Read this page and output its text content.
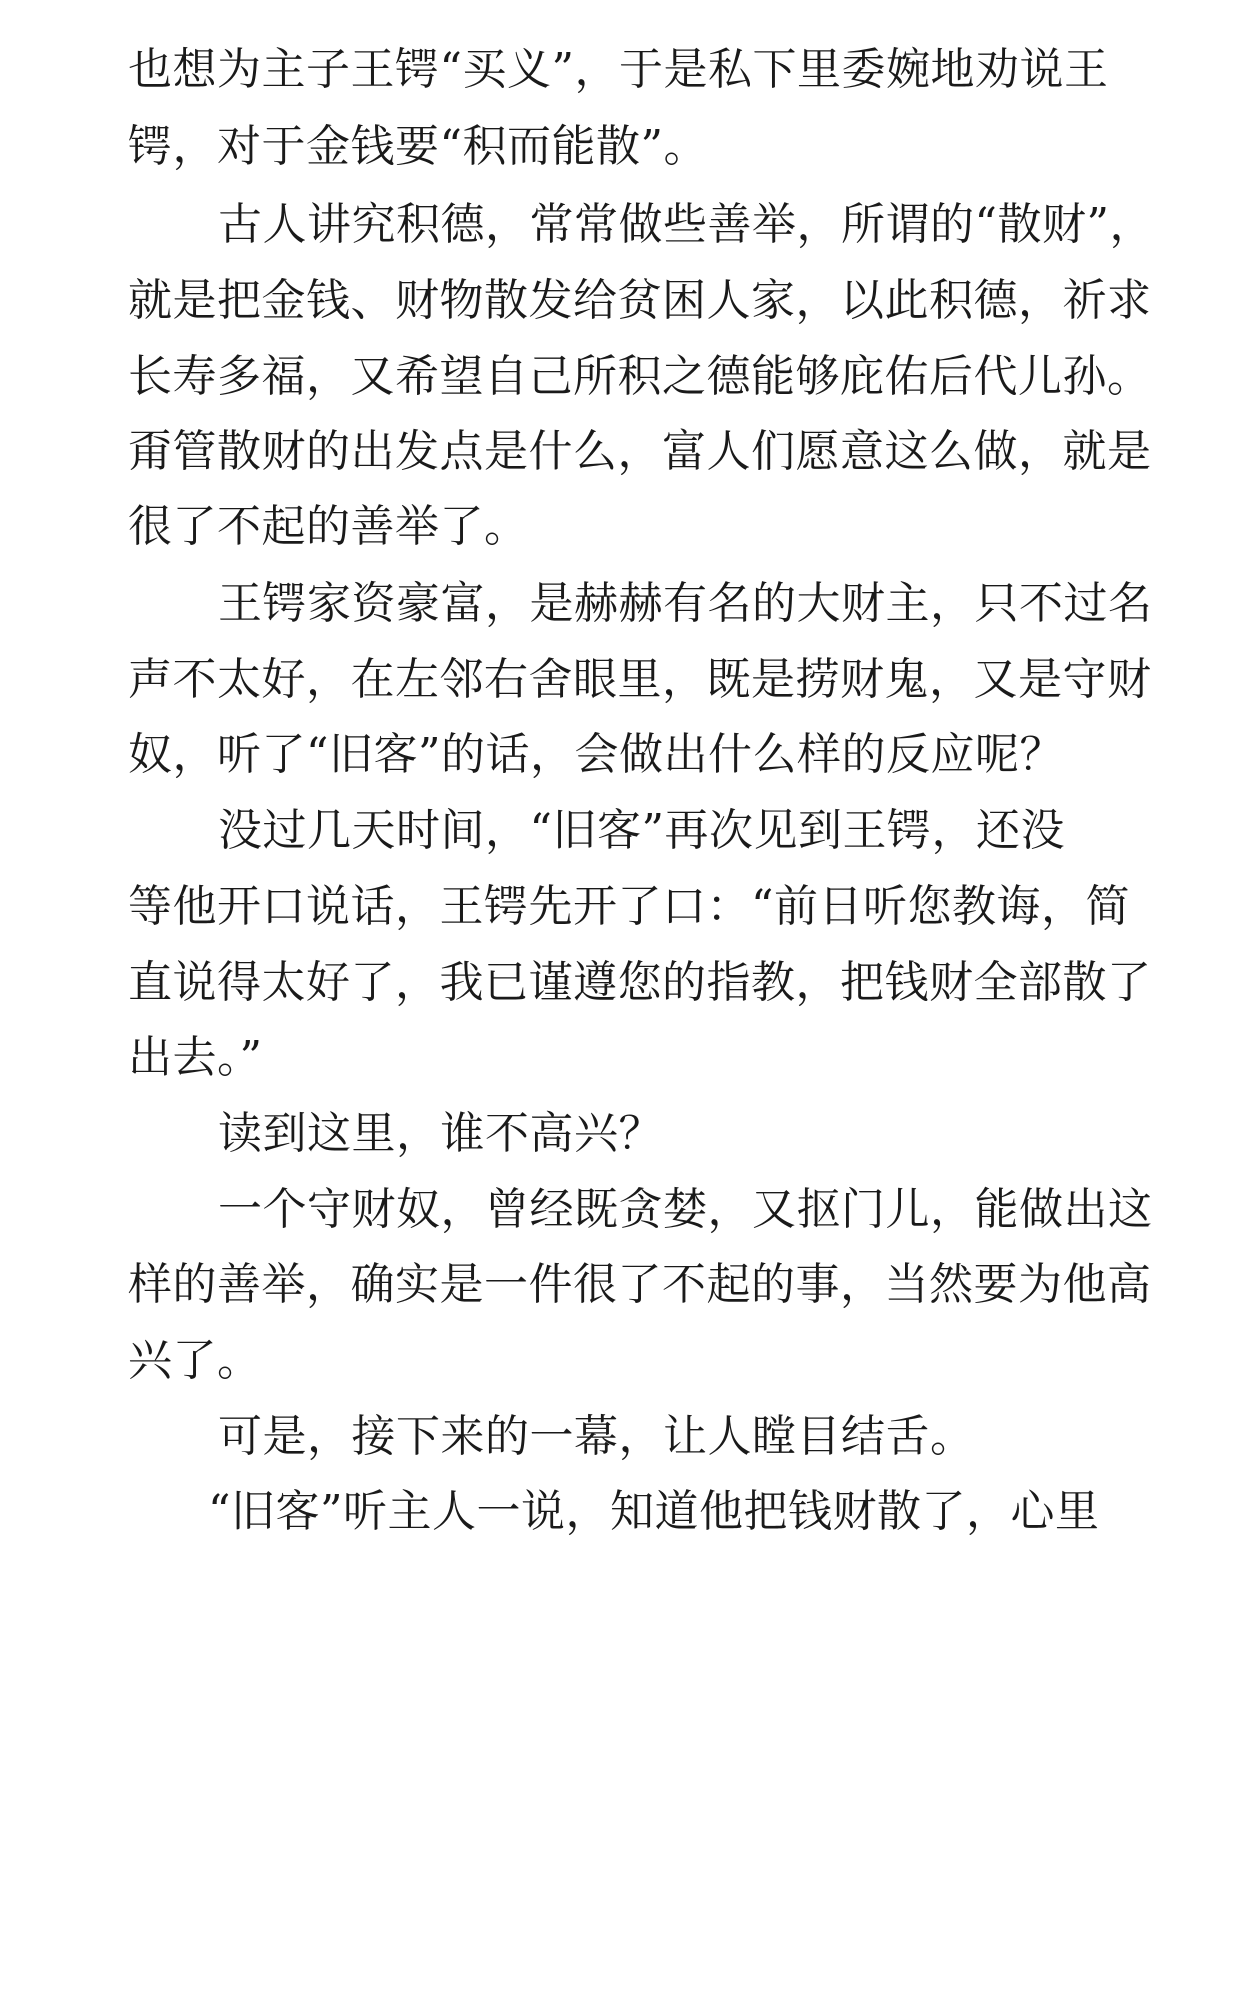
也想为主子王锷“买义”，于是私下里委婉地劝说王
锷，对于金钱要“积而能散”。
古人讲究积德，常常做些善举，所谓的“散财”，
就是把金钱、财物散发给贫困人家，以此积德，祈求
长寿多福，又希望自己所积之德能够庇佑后代儿孙。
甭管散财的出发点是什么，富人们愿意这么做，就是
很了不起的善举了。
王锷家资豪富，是赫赫有名的大财主，只不过名
声不太好，在左邻右舍眼里，既是捞财鬼，又是守财
奴，听了“旧客”的话，会做出什么样的反应呢？
没过几天时间，“旧客”再次见到王锷，还没
等他开口说话，王锷先开了口：“前日听您教诲，简
直说得太好了，我已谨遵您的指教，把钱财全部散了
出去。”
读到这里，谁不高兴？
一个守财奴，曾经既贪婪，又抠门儿，能做出这
样的善举，确实是一件很了不起的事，当然要为他高
兴了。
可是，接下来的一幕，让人瞠目结舌。
“旧客”听主人一说，知道他把钱财散了，心里
